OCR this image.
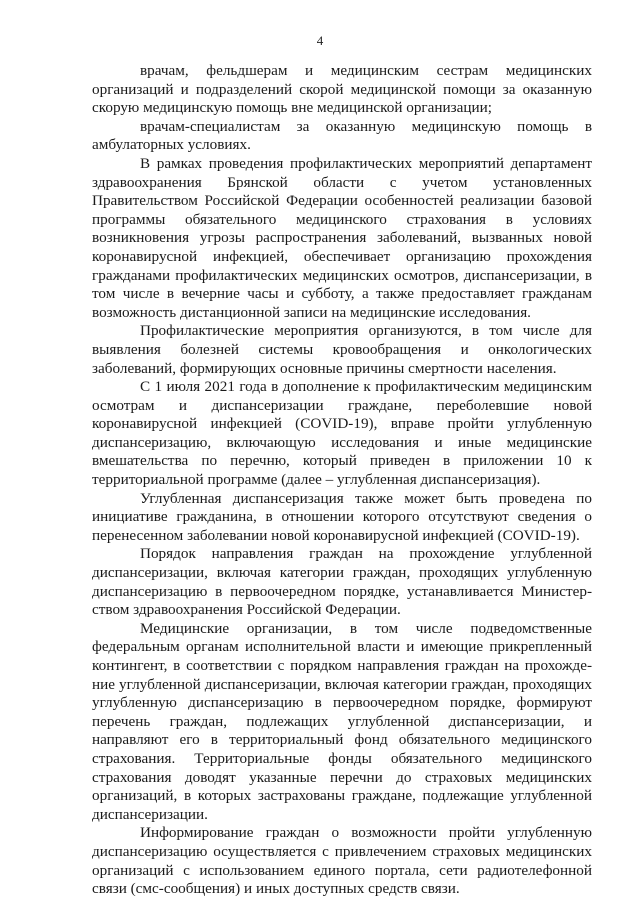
4

врачам, фельдшерам и медицинским сестрам медицинских организаций и подразделений скорой медицинской помощи за оказанную скорую медицинскую помощь вне медицинской организации;

врачам-специалистам за оказанную медицинскую помощь в амбулаторных условиях.

В рамках проведения профилактических мероприятий департамент здравоохранения Брянской области с учетом установленных Правительством Российской Федерации особенностей реализации базовой программы обязательного медицинского страхования в условиях возникновения угрозы распространения заболеваний, вызванных новой коронавирусной инфекцией, обеспечивает организацию прохождения гражданами профилактических медицинских осмотров, диспансеризации, в том числе в вечерние часы и субботу, а также предоставляет гражданам возможность дистанционной записи на медицинские исследования.

Профилактические мероприятия организуются, в том числе для выявления болезней системы кровообращения и онкологических заболеваний, формирующих основные причины смертности населения.

С 1 июля 2021 года в дополнение к профилактическим медицинским осмотрам и диспансеризации граждане, переболевшие новой коронавирусной инфекцией (COVID-19), вправе пройти углубленную диспансеризацию, включающую исследования и иные медицинские вмешательства по перечню, который приведен в приложении 10 к территориальной программе (далее – углубленная диспансеризация).

Углубленная диспансеризация также может быть проведена по инициативе гражданина, в отношении которого отсутствуют сведения о перенесенном заболевании новой коронавирусной инфекцией (COVID-19).

Порядок направления граждан на прохождение углубленной диспансеризации, включая категории граждан, проходящих углубленную диспансеризацию в первоочередном порядке, устанавливается Министерством здравоохранения Российской Федерации.

Медицинские организации, в том числе подведомственные федеральным органам исполнительной власти и имеющие прикрепленный контингент, в соответствии с порядком направления граждан на прохождение углубленной диспансеризации, включая категории граждан, проходящих углубленную диспансеризацию в первоочередном порядке, формируют перечень граждан, подлежащих углубленной диспансеризации, и направляют его в территориальный фонд обязательного медицинского страхования. Территориальные фонды обязательного медицинского страхования доводят указанные перечни до страховых медицинских организаций, в которых застрахованы граждане, подлежащие углубленной диспансеризации.

Информирование граждан о возможности пройти углубленную диспансеризацию осуществляется с привлечением страховых медицинских организаций с использованием единого портала, сети радиотелефонной связи (смс-сообщения) и иных доступных средств связи.
